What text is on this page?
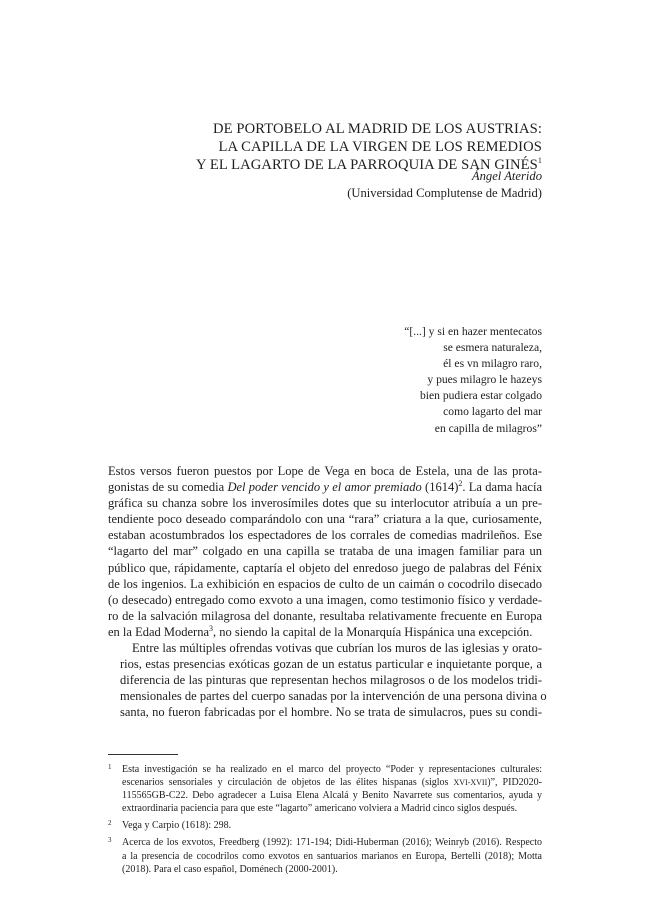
DE PORTOBELO AL MADRID DE LOS AUSTRIAS:
LA CAPILLA DE LA VIRGEN DE LOS REMEDIOS
Y EL LAGARTO DE LA PARROQUIA DE SAN GINÉS$^1$
Ángel Aterido
(Universidad Complutense de Madrid)
“[...] y si en hazer mentecatos
se esmera naturaleza,
él es vn milagro raro,
y pues milagro le hazeys
bien pudiera estar colgado
como lagarto del mar
en capilla de milagros”

Estos versos fueron puestos por Lope de Vega en boca de Estela, una de las prota-
gonistas de su comedia Del poder vencido y el amor premiado (1614)$^2$. La dama hacía
gráfica su chanza sobre los inverosímiles dotes que su interlocutor atribuía a un pre-
tendiente poco deseado comparándolo con una “rara” criatura a la que, curiosamente,
estaban acostumbrados los espectadores de los corrales de comedias madrileños. Ese
“lagarto del mar” colgado en una capilla se trataba de una imagen familiar para un
público que, rápidamente, captaría el objeto del enredoso juego de palabras del Fénix
de los ingenios. La exhibición en espacios de culto de un caimán o cocodrilo disecado
(o desecado) entregado como exvoto a una imagen, como testimonio físico y verdade-
ro de la salvación milagrosa del donante, resultaba relativamente frecuente en Europa
en la Edad Moderna$^3$, no siendo la capital de la Monarquía Hispánica una excepción.

Entre las múltiples ofrendas votivas que cubrían los muros de las iglesias y orato-
rios, estas presencias exóticas gozan de un estatus particular e inquietante porque, a
diferencia de las pinturas que representan hechos milagrosos o de los modelos tridi-
mensionales de partes del cuerpo sanadas por la intervención de una persona divina o
santa, no fueron fabricadas por el hombre. No se trata de simulacros, pues su condi-

1 Esta investigación se ha realizado en el marco del proyecto “Poder y representaciones culturales:
escenarios sensoriales y circulación de objetos de las élites hispanas (siglos XVI-XVII)”, PID2020-
115565GB-C22. Debo agradecer a Luisa Elena Alcalá y Benito Navarrete sus comentarios, ayuda y
extraordinaria paciencia para que este “lagarto” americano volviera a Madrid cinco siglos después.
2 Vega y Carpio (1618): 298.
3 Acerca de los exvotos, Freedberg (1992): 171-194; Didi-Huberman (2016); Weinryb (2016). Respecto
a la presencia de cocodrilos como exvotos en santuarios marianos en Europa, Bertelli (2018); Motta
(2018). Para el caso español, Doménech (2000-2001).
